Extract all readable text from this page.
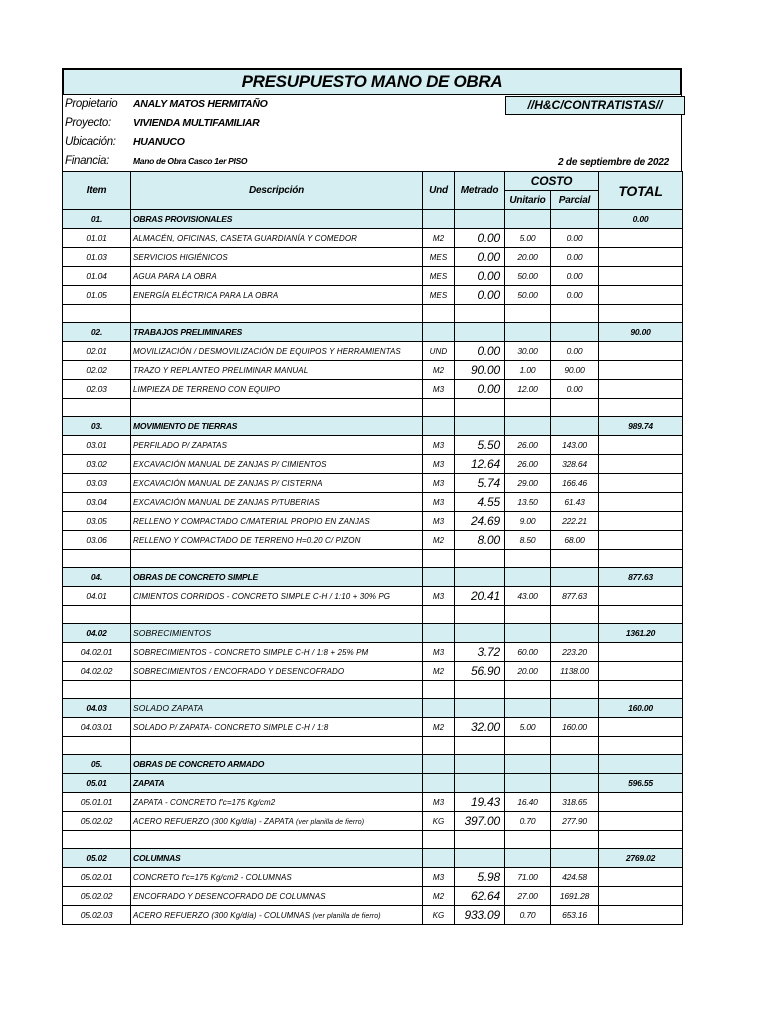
PRESUPUESTO MANO DE OBRA
Propietario ANALY MATOS HERMITAÑO	//H&C/CONTRATISTAS//
Proyecto: VIVIENDA MULTIFAMILIAR
Ubicación: HUANUCO
Financia:	Mano de Obra Casco 1er PISO	2 de septiembre de 2022
Item	Descripción	Und	Metrado	COSTO		TOTAL
				Unitario	Parcial	
01.	OBRAS PROVISIONALES					0.00
01.01	ALMACÉN, OFICINAS, CASETA GUARDIANÍA Y COMEDOR	M2	0.00	5.00	0.00	
01.03	SERVICIOS HIGIÉNICOS	MES	0.00	20.00	0.00	
01.04	AGUA PARA LA OBRA	MES	0.00	50.00	0.00	
01.05	ENERGÍA ELÉCTRICA PARA LA OBRA	MES	0.00	50.00	0.00	

02.	TRABAJOS PRELIMINARES					90.00
02.01	MOVILIZACIÓN / DESMOVILIZACIÓN DE EQUIPOS Y HERRAMIENTAS	UND	0.00	30.00	0.00	
02.02	TRAZO Y REPLANTEO PRELIMINAR MANUAL	M2	90.00	1.00	90.00	
02.03	LIMPIEZA DE TERRENO CON EQUIPO	M3	0.00	12.00	0.00	

03.	MOVIMIENTO DE TIERRAS					989.74
03.01	PERFILADO P/ ZAPATAS	M3	5.50	26.00	143.00	
03.02	EXCAVACIÓN MANUAL DE ZANJAS P/ CIMIENTOS	M3	12.64	26.00	328.64	
03.03	EXCAVACIÓN MANUAL DE ZANJAS P/ CISTERNA	M3	5.74	29.00	166.46	
03.04	EXCAVACIÓN MANUAL DE ZANJAS P/TUBERIAS	M3	4.55	13.50	61.43	
03.05	RELLENO Y COMPACTADO C/MATERIAL PROPIO EN ZANJAS	M3	24.69	9.00	222.21	
03.06	RELLENO Y COMPACTADO DE TERRENO H=0.20 C/ PIZON	M2	8.00	8.50	68.00	

04.	OBRAS DE CONCRETO SIMPLE					877.63
04.01	CIMIENTOS CORRIDOS - CONCRETO SIMPLE C-H / 1:10 + 30% PG	M3	20.41	43.00	877.63	

04.02	SOBRECIMIENTOS					1361.20
04.02.01	SOBRECIMIENTOS - CONCRETO SIMPLE C-H / 1:8 + 25% PM	M3	3.72	60.00	223.20	
04.02.02	SOBRECIMIENTOS / ENCOFRADO Y DESENCOFRADO	M2	56.90	20.00	1138.00	

04.03	SOLADO ZAPATA					160.00
04.03.01	SOLADO P/ ZAPATA- CONCRETO SIMPLE C-H / 1:8	M2	32.00	5.00	160.00	

05.	OBRAS DE CONCRETO ARMADO					
05.01	ZAPATA					596.55
05.01.01	ZAPATA - CONCRETO f'c=175 Kg/cm2	M3	19.43	16.40	318.65	
05.02.02	ACERO REFUERZO (300 Kg/día) - ZAPATA (ver planilla de fierro)	KG	397.00	0.70	277.90	

05.02	COLUMNAS					2769.02
05.02.01	CONCRETO f'c=175 Kg/cm2 - COLUMNAS	M3	5.98	71.00	424.58	
05.02.02	ENCOFRADO Y DESENCOFRADO DE COLUMNAS	M2	62.64	27.00	1691.28	
05.02.03	ACERO REFUERZO (300 Kg/día) - COLUMNAS (ver planilla de fierro)	KG	933.09	0.70	653.16	
